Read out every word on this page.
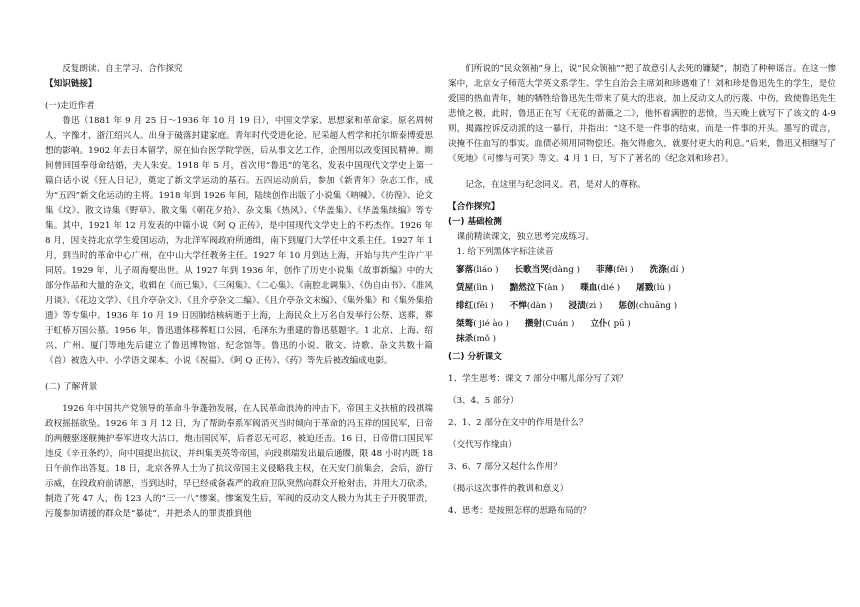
反复朗读、自主学习、合作探究

【知识链接】

(一)走近作者

鲁迅（1881 年 9 月 25 日～1936 年 10 月 19 日），中国文学家、思想家和革命家。原名周树人，字豫才，浙江绍兴人。出身于破落封建家庭。青年时代受进化论、尼采超人哲学和托尔斯泰博爱思想的影响。1902 年去日本留学，原在仙台医学院学医，后从事文艺工作，企图用以改变国民精神。期间曾回国奉母命结婚，夫人朱安。1918 年 5 月，首次用“鲁迅”的笔名，发表中国现代文学史上第一篇白话小说《狂人日记》，奠定了新文学运动的基石。五四运动前后，参加《新青年》杂志工作，成为“五四”新文化运动的主将。1918 年到 1926 年间，陆续创作出版了小说集《呐喊》、《彷徨》、论文集《坟》、散文诗集《野草》、散文集《朝花夕拾》、杂文集《热风》、《华盖集》、《华盖集续编》等专集。其中，1921 年 12 月发表的中篇小说《阿 Q 正传》，是中国现代文学史上的不朽杰作。1926 年 8 月，因支持北京学生爱国运动，为北洋军阀政府所通缉，南下到厦门大学任中文系主任。1927 年 1 月，到当时的革命中心广州，在中山大学任教务主任。1927 年 10 月到达上海，开始与共产生许广平同居。1929 年，儿子周海婴出世。从 1927 年到 1936 年，创作了历史小说集《故事新编》中的大部分作品和大量的杂文，收辑在《而已集》、《三闲集》、《二心集》、《南腔北调集》、《伪自由书》、《准风月谈》、《花边文学》、《且介亭杂文》、《且介亭杂文二编》、《且介亭杂文末编》、《集外集》和《集外集拾遗》等专集中。1936 年 10 月 19 日因肺结核病逝于上海，上海民众上万名自发举行公祭、送葬，葬于虹桥万国公墓。1956 年，鲁迅遗体移葬虹口公园，毛泽东为重建的鲁迅墓题字。1 北京、上海、绍兴、广州、厦门等地先后建立了鲁迅博物馆、纪念馆等。鲁迅的小说、散文、诗歌、杂文共数十篇（首）被选入中、小学语文课本。小说《祝福》、《阿 Q 正传》、《药》等先后被改编成电影。

(二) 了解背景

1926 年中国共产党领导的革命斗争蓬勃发展，在人民革命浪涛的冲击下，帝国主义扶植的段祺瑞政权摇摇欲坠。1926 年 3 月 12 日，为了帮助奉系军阀消灭当时倾向于革命的冯玉祥的国民军，日帝的两艘驱逐舰掩护奉军进攻大沽口，炮击国民军，后者忍无可忍，被迫还击。16 日，日帝借口国民军违反《辛丑条约》，向中国提出抗议，并纠集美英等帝国，向段祺瑞发出最后通牒，限 48 小时内既 18 日午前作出答复。18 日，北京各界人士为了抗议帝国主义侵略我主权，在天安门前集会，会后，游行示威，在段政府前请愿，当到达时，早已经戒备森严的政府卫队突然向群众开枪射击，并用大刀砍杀，制造了死 47 人，伤 123 人的“三·一八”惨案。惨案发生后，军阀的反动文人极力为其主子开脱罪责，污蔑参加请援的群众是“暴徒”，并把杀人的罪责推到他

们所说的“民众领袖”身上，说“民众领袖”“把了故意引人去死的镰疑”，制造了种种谣言。在这一惨案中，北京女子师范大学英文系学生、学生自治会主席刘和珍遇难了！刘和珍是鲁迅先生的学生，是位爱国的热血青年，她的牺牲给鲁迅先生带来了莫大的悲哀，加上反动文人的污蔑、中伤，致使鲁迅先生悲愤之极，此时，鲁迅正在写《无花的蔷薇之二》，他怀着满腔的悲愤，当天晚上就写下了该文的 4-9 则，揭露控诉反动派的这一暴行，并指出：“这不是一件事的结束，而是一件事的开头。墨写的谎言，决掩不住血写的事实。血债必须用同物偿还。拖欠得愈久，就要付更大的利息。”后来，鲁迅又相继写了《死地》《可惨与可笑》等文。4 月 1 日，写下了著名的《纪念刘和珍君》。

记念，在这里与纪念同义。君，是对人的尊称。

【合作探究】

(一) 基础检测

课前精读课文，独立思考完成练习。

1. 给下列黑体字标注读音

寥落(liáo ) 长歌当哭(dàng ) 菲薄(fěi ) 洗涤(dí )
赁屋(lìn ) 黯然泣下(àn ) 喋血(dié ) 屠戮(lù )
绯红(fēi ) 不惮(dàn ) 浸渍(zì ) 惩创(chuāng )
桀骜( jié ào ) 攒射(Cuán ) 立仆( pū )
抹杀(mǒ )

(二) 分析课文

1、学生思考：课文 7 部分中哪儿部分写了刘？

（3、4、5 部分）

2、1、2 部分在文中的作用是什么？

（交代写作缘由）

3、6、7 部分又起什么作用？

（揭示这次事件的教训和意义）

4、思考：是按照怎样的思路布局的？
